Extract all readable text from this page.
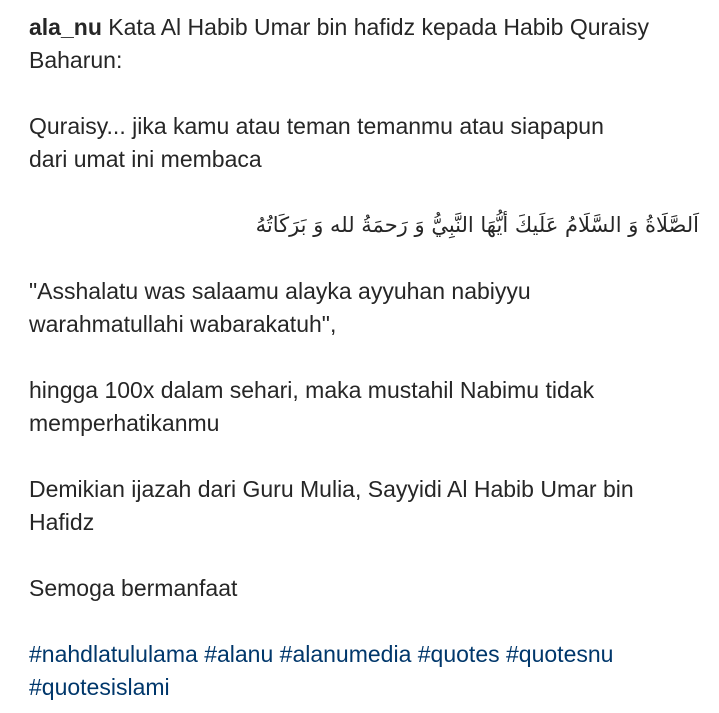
ala_nu Kata Al Habib Umar bin hafidz kepada Habib Quraisy
Baharun:
Quraisy... jika kamu atau teman temanmu atau siapapun
dari umat ini membaca
اَلصَّلَاةُ وَ السَّلَامُ عَلَيكَ أيُّهَا النَّبِيُّ وَ رَحمَةُ لله وَ بَرَكَاتُهُ
"Asshalatu was salaamu alayka ayyuhan nabiyyu
warahmatullahi wabarakatuh",
hingga 100x dalam sehari, maka mustahil Nabimu tidak
memperhatikanmu
Demikian ijazah dari Guru Mulia, Sayyidi Al Habib Umar bin
Hafidz
Semoga bermanfaat
#nahdlatululama #alanu #alanumedia #quotes #quotesnu
#quotesislami
